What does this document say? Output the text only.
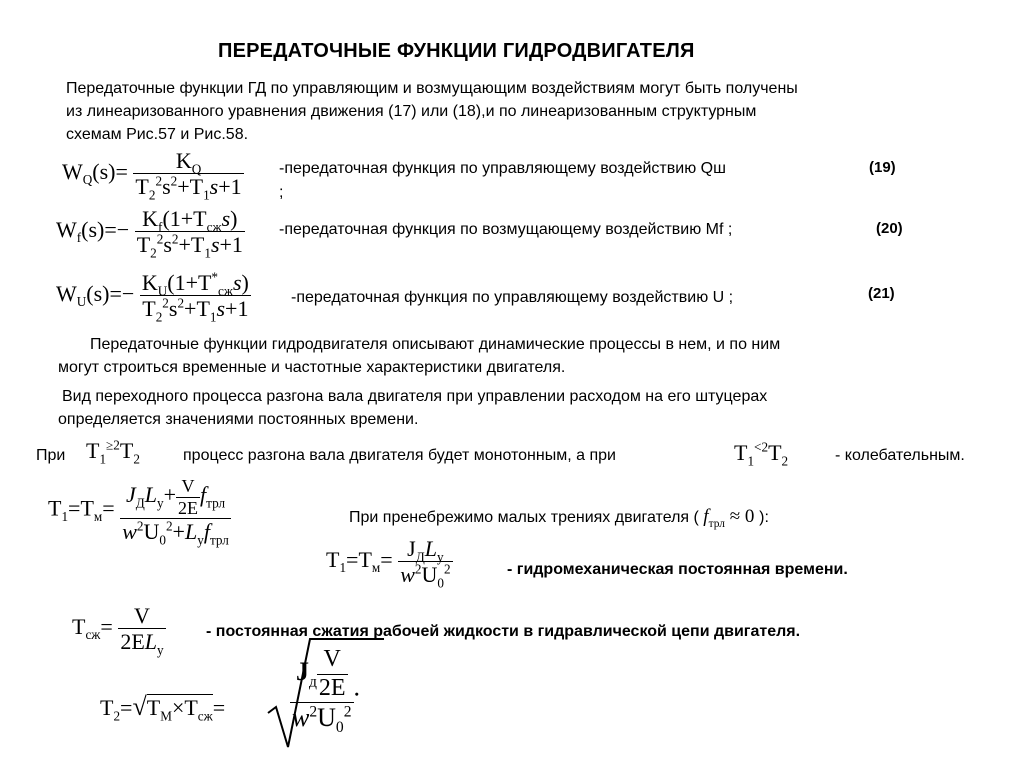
ПЕРЕДАТОЧНЫЕ ФУНКЦИИ ГИДРОДВИГАТЕЛЯ
Передаточные функции ГД по управляющим и возмущающим воздействиям могут быть получены
из линеаризованного уравнения движения (17) или (18),и по линеаризованным структурным
схемам Рис.57 и Рис.58.
$W_Q(s)= \frac{K_Q}{T_2^2s^2+T_1s+1}$ -передаточная функция по управляющему воздействию Qш
;
(19)
$W_f(s)=- \frac{K_f(1+T_{сж}s)}{T_2^2s^2+T_1s+1}$ -передаточная функция по возмущающему воздействию Mf ;	(20)
$W_U(s)=- \frac{K_U(1+T^*_{сж}s)}{T_2^2s^2+T_1s+1}$	-передаточная функция по управляющему воздействию U ;	(21)
Передаточные функции гидродвигателя описывают динамические процессы в нем, и по ним
могут строиться временные и частотные характеристики двигателя.
Вид переходного процесса разгона вала двигателя при управлении расходом на его штуцерах
определяется значениями постоянных времени.
При $T_1^{\ge 2}T_2$	процесс разгона вала двигателя будет монотонным, а при	$T_1^{<2}T_2$	- колебательным.
$T_1=T_м= \frac{J_ДL_у+ \frac{V}{2E} f_{трл}}{w^2U_0^2+L_уf_{трл}}$	При пренебрежимо малых трениях двигателя ( $f_{трл} \approx 0$ ):
$T_1=T_м= \frac{J_ДL_у}{w^2U_0^2}$	- гидромеханическая постоянная времени.
$T_{сж}= \frac{V}{2EL_у}$	- постоянная сжатия рабочей жидкости в гидравлической цепи двигателя.
$T_2=√T_M\times T_{сж}= \frac{J_д \frac{V}{2E}}{w^2U_0^2}$ .
